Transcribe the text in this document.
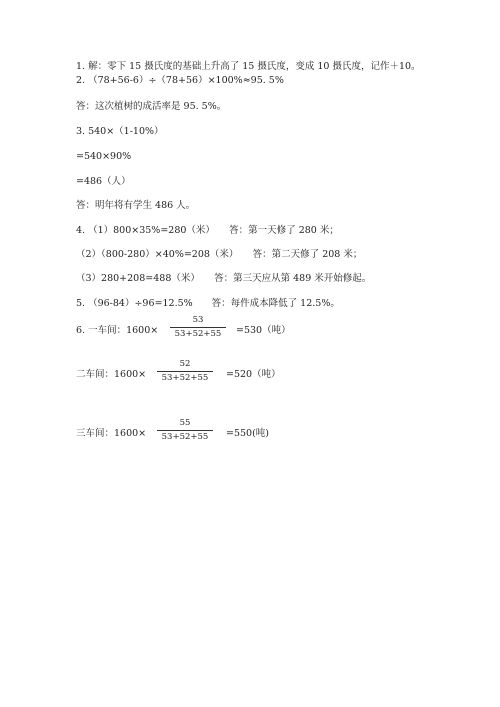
1. 解：零下 15 摄氏度的基础上升高了 15 摄氏度，变成 10 摄氏度，记作＋10。
2. （78+56-6）÷（78+56）×100%≈95. 5%
答：这次植树的成活率是 95. 5%。
3. 540×（1-10%）
=540×90%
=486（人）
答：明年将有学生 486 人。
4. （1）800×35%=280（米）　　答：第一天修了 280 米；
（2）（800-280）×40%=208（米）　　答：第二天修了 208 米；
（3）280+208=488（米）　　答：第三天应从第 489 米开始修起。
5. （96-84）÷96=12.5%　　答：每件成本降低了 12.5%。
6. 一车间：1600×
53
53+52+55	=530（吨）
二车间：1600×
52
53+52+55	=520（吨）
三车间：1600×
55
53+52+55	=550(吨)
